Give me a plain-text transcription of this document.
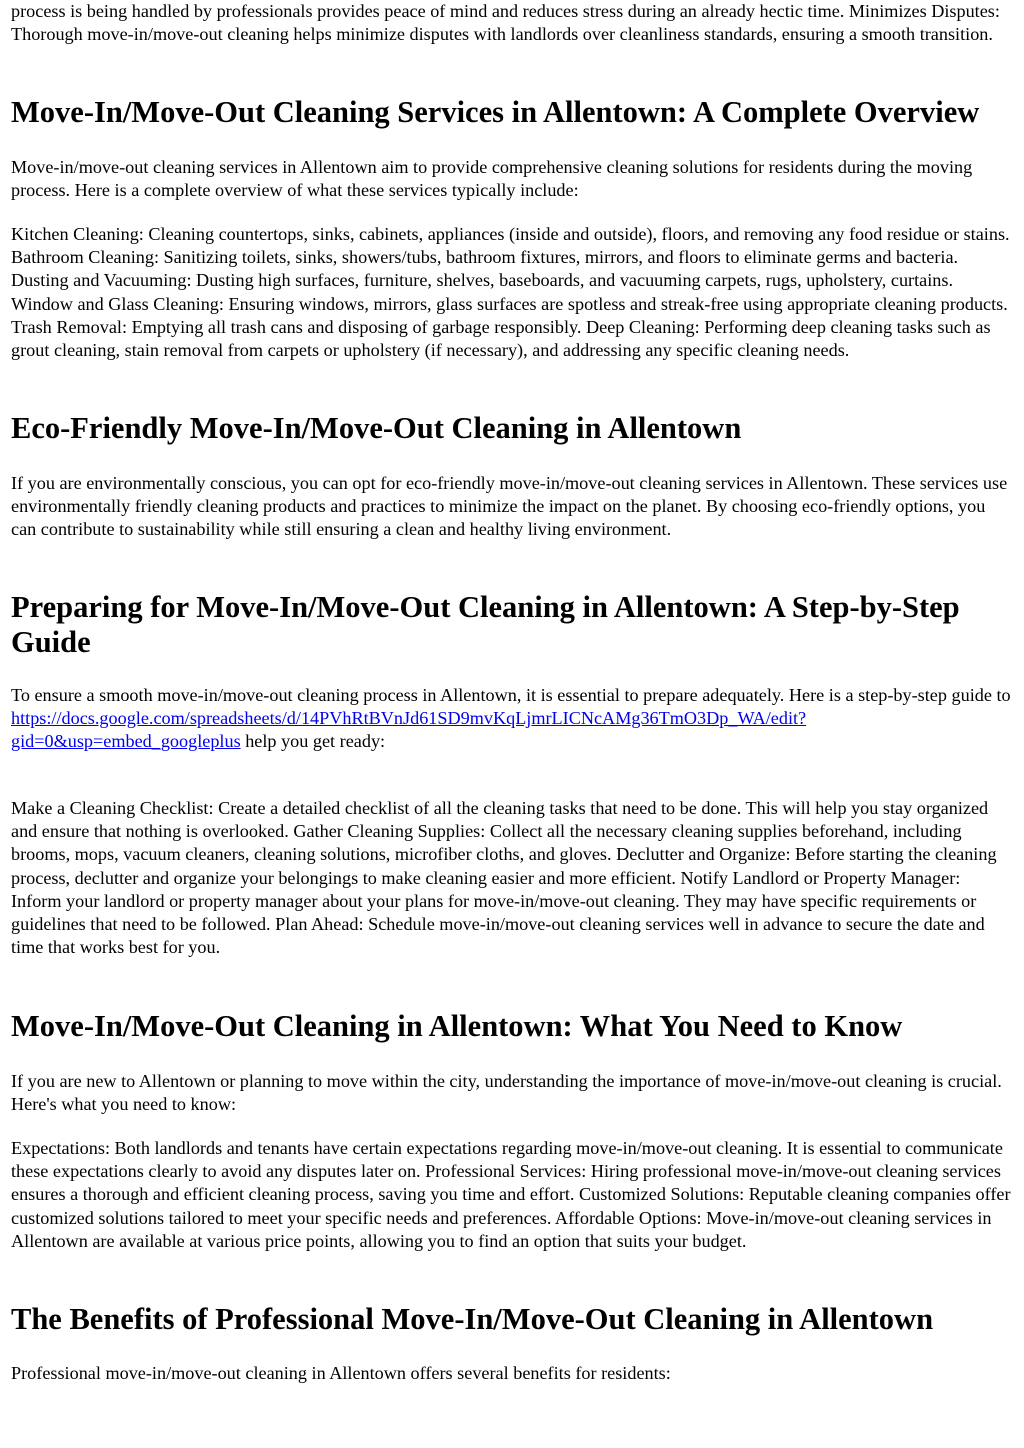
process is being handled by professionals provides peace of mind and reduces stress during an already hectic time. Minimizes Disputes: Thorough move-in/move-out cleaning helps minimize disputes with landlords over cleanliness standards, ensuring a smooth transition.

Move-In/Move-Out Cleaning Services in Allentown: A Complete Overview

Move-in/move-out cleaning services in Allentown aim to provide comprehensive cleaning solutions for residents during the moving process. Here is a complete overview of what these services typically include:

Kitchen Cleaning: Cleaning countertops, sinks, cabinets, appliances (inside and outside), floors, and removing any food residue or stains. Bathroom Cleaning: Sanitizing toilets, sinks, showers/tubs, bathroom fixtures, mirrors, and floors to eliminate germs and bacteria. Dusting and Vacuuming: Dusting high surfaces, furniture, shelves, baseboards, and vacuuming carpets, rugs, upholstery, curtains. Window and Glass Cleaning: Ensuring windows, mirrors, glass surfaces are spotless and streak-free using appropriate cleaning products. Trash Removal: Emptying all trash cans and disposing of garbage responsibly. Deep Cleaning: Performing deep cleaning tasks such as grout cleaning, stain removal from carpets or upholstery (if necessary), and addressing any specific cleaning needs.

Eco-Friendly Move-In/Move-Out Cleaning in Allentown

If you are environmentally conscious, you can opt for eco-friendly move-in/move-out cleaning services in Allentown. These services use environmentally friendly cleaning products and practices to minimize the impact on the planet. By choosing eco-friendly options, you can contribute to sustainability while still ensuring a clean and healthy living environment.

Preparing for Move-In/Move-Out Cleaning in Allentown: A Step-by-Step Guide

To ensure a smooth move-in/move-out cleaning process in Allentown, it is essential to prepare adequately. Here is a step-by-step guide to https://docs.google.com/spreadsheets/d/14PVhRtBVnJd61SD9mvKqLjmrLICNcAMg36TmO3Dp_WA/edit?gid=0&usp=embed_googleplus help you get ready:

Make a Cleaning Checklist: Create a detailed checklist of all the cleaning tasks that need to be done. This will help you stay organized and ensure that nothing is overlooked. Gather Cleaning Supplies: Collect all the necessary cleaning supplies beforehand, including brooms, mops, vacuum cleaners, cleaning solutions, microfiber cloths, and gloves. Declutter and Organize: Before starting the cleaning process, declutter and organize your belongings to make cleaning easier and more efficient. Notify Landlord or Property Manager: Inform your landlord or property manager about your plans for move-in/move-out cleaning. They may have specific requirements or guidelines that need to be followed. Plan Ahead: Schedule move-in/move-out cleaning services well in advance to secure the date and time that works best for you.

Move-In/Move-Out Cleaning in Allentown: What You Need to Know

If you are new to Allentown or planning to move within the city, understanding the importance of move-in/move-out cleaning is crucial. Here's what you need to know:

Expectations: Both landlords and tenants have certain expectations regarding move-in/move-out cleaning. It is essential to communicate these expectations clearly to avoid any disputes later on. Professional Services: Hiring professional move-in/move-out cleaning services ensures a thorough and efficient cleaning process, saving you time and effort. Customized Solutions: Reputable cleaning companies offer customized solutions tailored to meet your specific needs and preferences. Affordable Options: Move-in/move-out cleaning services in Allentown are available at various price points, allowing you to find an option that suits your budget.

The Benefits of Professional Move-In/Move-Out Cleaning in Allentown

Professional move-in/move-out cleaning in Allentown offers several benefits for residents:
